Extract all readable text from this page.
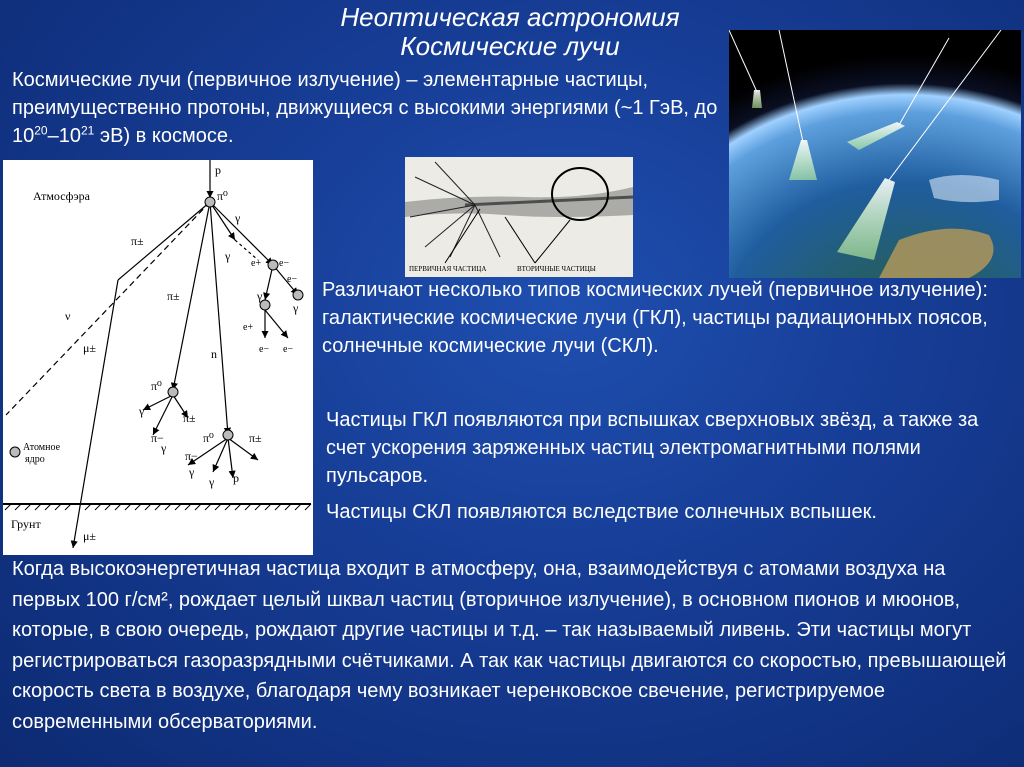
Неоптическая астрономия
Космические лучи
Космические лучи (первичное излучение) – элементарные частицы, преимущественно протоны, движущиеся с высокими энергиями (~1 ГэВ, до $10^{20}-10^{21}$ эВ) в космосе.
ПЕРВИЧНАЯ ЧАСТИЦА	ВТОРИЧНЫЕ ЧАСТИЦЫ
Атмосфэра
Атомное
ядро
Грунт
p
π⁰
π±
γ
γ
e+ e−
γ
γ
e−
e+
e− e−
ν
μ±
π±
n
π⁰
γ	π±
π−
γ
π⁰	π±
π−
γ
γ p
μ±
Различают несколько типов космических лучей (первичное излучение): галактические космические лучи (ГКЛ), частицы радиационных поясов, солнечные космические лучи (СКЛ).
Частицы ГКЛ появляются при вспышках сверхновых звёзд, а также за счет ускорения заряженных частиц электромагнитными полями пульсаров.
Частицы СКЛ появляются вследствие солнечных вспышек.
Когда высокоэнергетичная частица входит в атмосферу, она, взаимодействуя с атомами воздуха на первых 100 г/см², рождает целый шквал частиц (вторичное излучение), в основном пионов и мюонов, которые, в свою очередь, рождают другие частицы и т.д. – так называемый ливень. Эти частицы могут регистрироваться газоразрядными счётчиками. А так как частицы двигаются со скоростью, превышающей скорость света в воздухе, благодаря чему возникает черенковское свечение, регистрируемое современными обсерваториями.
